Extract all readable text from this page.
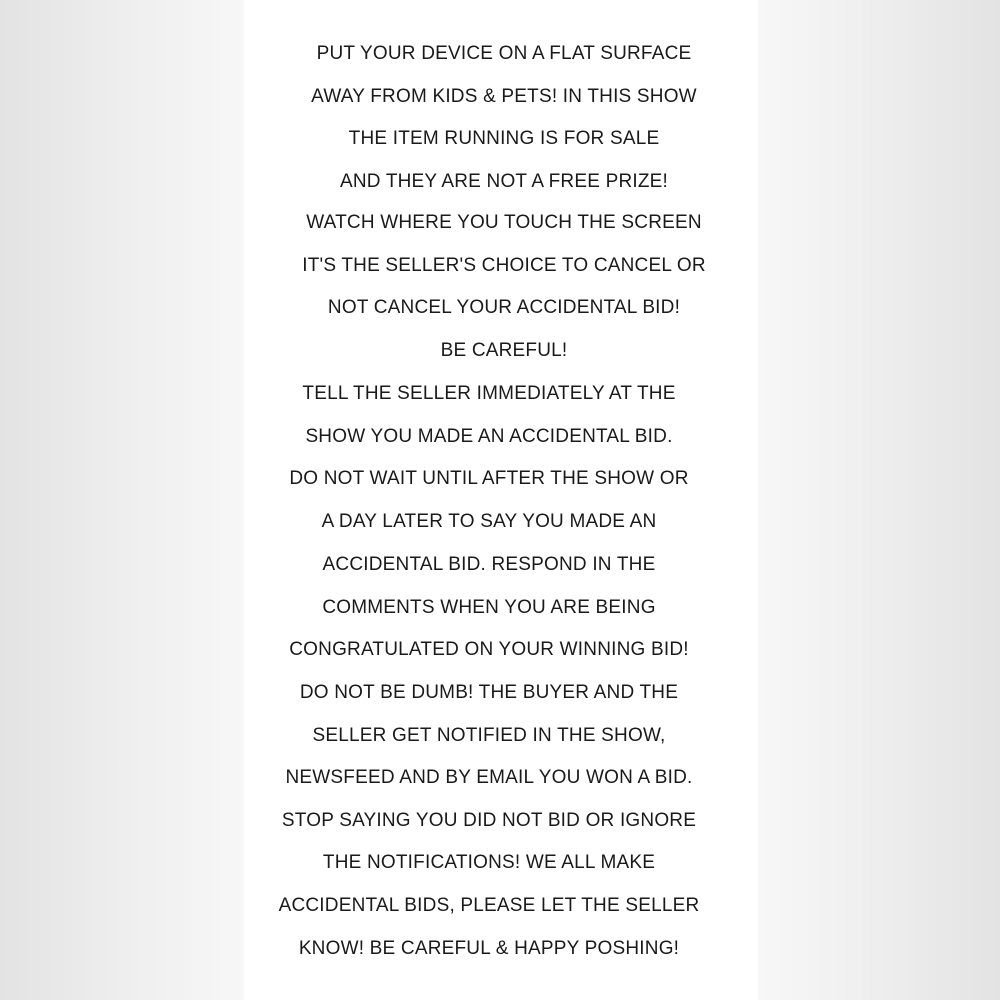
PUT YOUR DEVICE ON A FLAT SURFACE
AWAY FROM KIDS & PETS! IN THIS SHOW
THE ITEM RUNNING IS FOR SALE
AND THEY ARE NOT A FREE PRIZE!
WATCH WHERE YOU TOUCH THE SCREEN
IT'S THE SELLER'S CHOICE TO CANCEL OR
NOT CANCEL YOUR ACCIDENTAL BID!
BE CAREFUL!
TELL THE SELLER IMMEDIATELY AT THE
SHOW YOU MADE AN ACCIDENTAL BID.
DO NOT WAIT UNTIL AFTER THE SHOW OR
A DAY LATER TO SAY YOU MADE AN
ACCIDENTAL BID. RESPOND IN THE
COMMENTS WHEN YOU ARE BEING
CONGRATULATED ON YOUR WINNING BID!
DO NOT BE DUMB! THE BUYER AND THE
SELLER GET NOTIFIED IN THE SHOW,
NEWSFEED AND BY EMAIL YOU WON A BID.
STOP SAYING YOU DID NOT BID OR IGNORE
THE NOTIFICATIONS! WE ALL MAKE
ACCIDENTAL BIDS, PLEASE LET THE SELLER
KNOW! BE CAREFUL & HAPPY POSHING!
